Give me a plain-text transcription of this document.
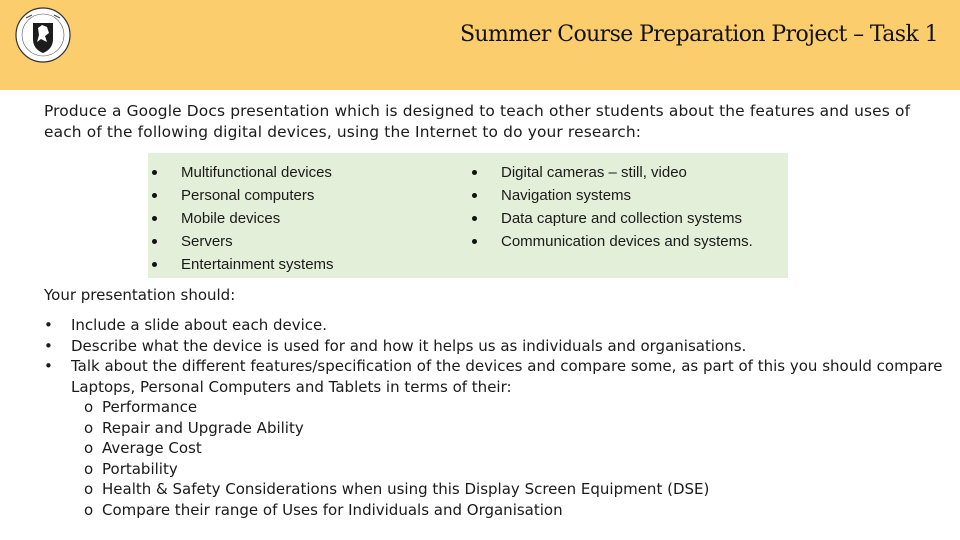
Summer Course Preparation Project – Task 1
Produce a Google Docs presentation which is designed to teach other students about the features and uses of each of the following digital devices, using the Internet to do your research:
Multifunctional devices
Personal computers
Mobile devices
Servers
Entertainment systems
Digital cameras – still, video
Navigation systems
Data capture and collection systems
Communication devices and systems.
Your presentation should:
• Include a slide about each device.
• Describe what the device is used for and how it helps us as individuals and organisations.
• Talk about the different features/specification of the devices and compare some, as part of this you should compare Laptops, Personal Computers and Tablets in terms of their:
o Performance
o Repair and Upgrade Ability
o Average Cost
o Portability
o Health & Safety Considerations when using this Display Screen Equipment (DSE)
o Compare their range of Uses for Individuals and Organisation
